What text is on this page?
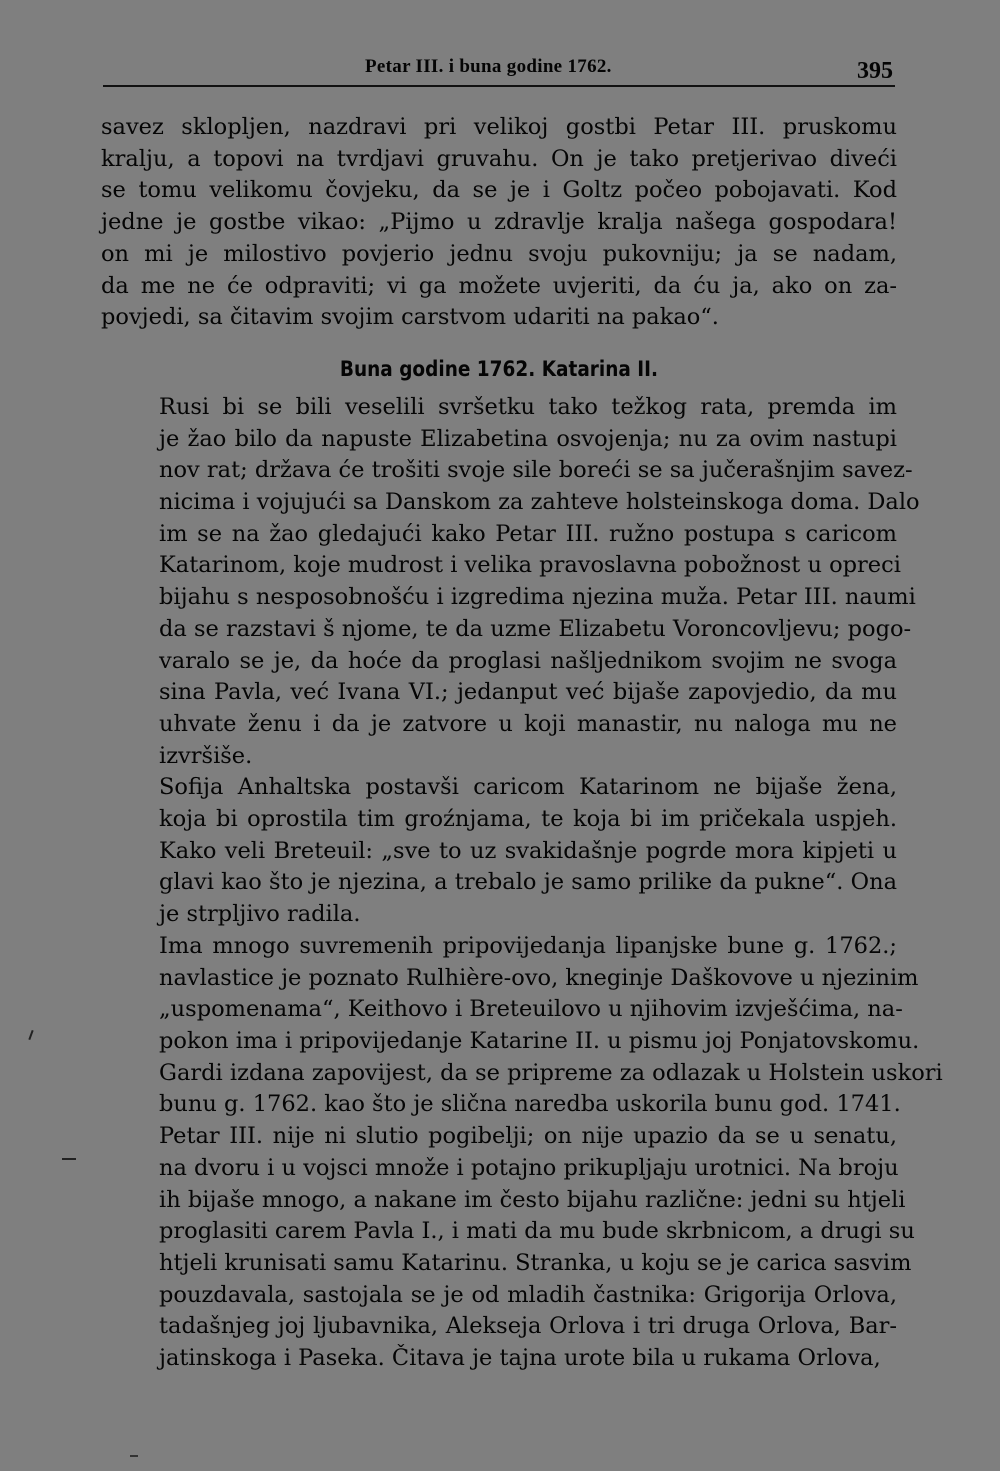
Petar III. i buna godine 1762.	395

savez sklopljen, nazdravi pri velikoj gostbi Petar III. pruskomu
kralju, a topovi na tvrdjavi gruvahu. On je tako pretjerivao diveći
se tomu velikomu čovjeku, da se je i Goltz počeo pobojavati. Kod
jedne je gostbe vikao: „Pijmo u zdravlje kralja našega gospodara!
on mi je milostivo povjerio jednu svoju pukovniju; ja se nadam,
da me ne će odpraviti; vi ga možete uvjeriti, da ću ja, ako on za-
povjedi, sa čitavim svojim carstvom udariti na pakao“.

Buna godine 1762. Katarina II.

Rusi bi se bili veselili svršetku tako težkog rata, premda im
je žao bilo da napuste Elizabetina osvojenja; nu za ovim nastupi
nov rat; država će trošiti svoje sile boreći se sa jučerašnjim savez-
nicima i vojujući sa Danskom za zahteve holsteinskoga doma. Dalo
im se na žao gledajući kako Petar III. ružno postupa s caricom
Katarinom, koje mudrost i velika pravoslavna pobožnost u opreci
bijahu s nesposobnošću i izgredima njezina muža. Petar III. naumi
da se razstavi š njome, te da uzme Elizabetu Voroncovljevu; pogo-
varalo se je, da hoće da proglasi našljednikom svojim ne svoga
sina Pavla, već Ivana VI.; jedanput već bijaše zapovjedio, da mu
uhvate ženu i da je zatvore u koji manastir, nu naloga mu ne
izvršiše.

Sofija Anhaltska postavši caricom Katarinom ne bijaše žena,
koja bi oprostila tim groźnjama, te koja bi im pričekala uspjeh.
Kako veli Breteuil: „sve to uz svakidašnje pogrde mora kipjeti u
glavi kao što je njezina, a trebalo je samo prilike da pukne“. Ona
je strpljivo radila.

Ima mnogo suvremenih pripovijedanja lipanjske bune g. 1762.;
navlastice je poznato Rulhière-ovo, kneginje Daškovove u njezinim
„uspomenama“, Keithovo i Breteuilovo u njihovim izvješćima, na-
pokon ima i pripovijedanje Katarine II. u pismu joj Ponjatovskomu.
Gardi izdana zapovijest, da se pripreme za odlazak u Holstein uskori
bunu g. 1762. kao što je slična naredba uskorila bunu god. 1741.
Petar III. nije ni slutio pogibelji; on nije upazio da se u senatu,
na dvoru i u vojsci množe i potajno prikupljaju urotnici. Na broju
ih bijaše mnogo, a nakane im često bijahu različne: jedni su htjeli
proglasiti carem Pavla I., i mati da mu bude skrbnicom, a drugi su
htjeli krunisati samu Katarinu. Stranka, u koju se je carica sasvim
pouzdavala, sastojala se je od mladih častnika: Grigorija Orlova,
tadašnjeg joj ljubavnika, Alekseja Orlova i tri druga Orlova, Bar-
jatinskoga i Paseka. Čitava je tajna urote bila u rukama Orlova,
